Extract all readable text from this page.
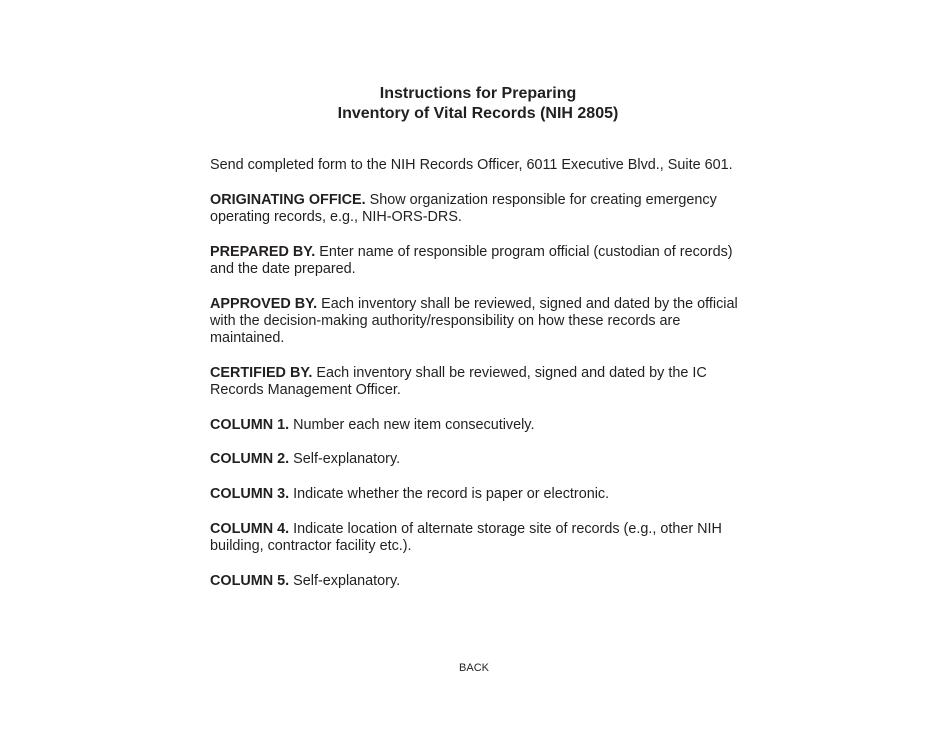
Instructions for Preparing
Inventory of Vital Records (NIH 2805)

Send completed form to the NIH Records Officer, 6011 Executive Blvd., Suite 601.

ORIGINATING OFFICE. Show organization responsible for creating emergency operating records, e.g., NIH-ORS-DRS.

PREPARED BY. Enter name of responsible program official (custodian of records) and the date prepared.

APPROVED BY. Each inventory shall be reviewed, signed and dated by the official with the decision-making authority/responsibility on how these records are maintained.

CERTIFIED BY. Each inventory shall be reviewed, signed and dated by the IC Records Management Officer.

COLUMN 1. Number each new item consecutively.

COLUMN 2. Self-explanatory.

COLUMN 3. Indicate whether the record is paper or electronic.

COLUMN 4. Indicate location of alternate storage site of records (e.g., other NIH building, contractor facility etc.).

COLUMN 5. Self-explanatory.

BACK
